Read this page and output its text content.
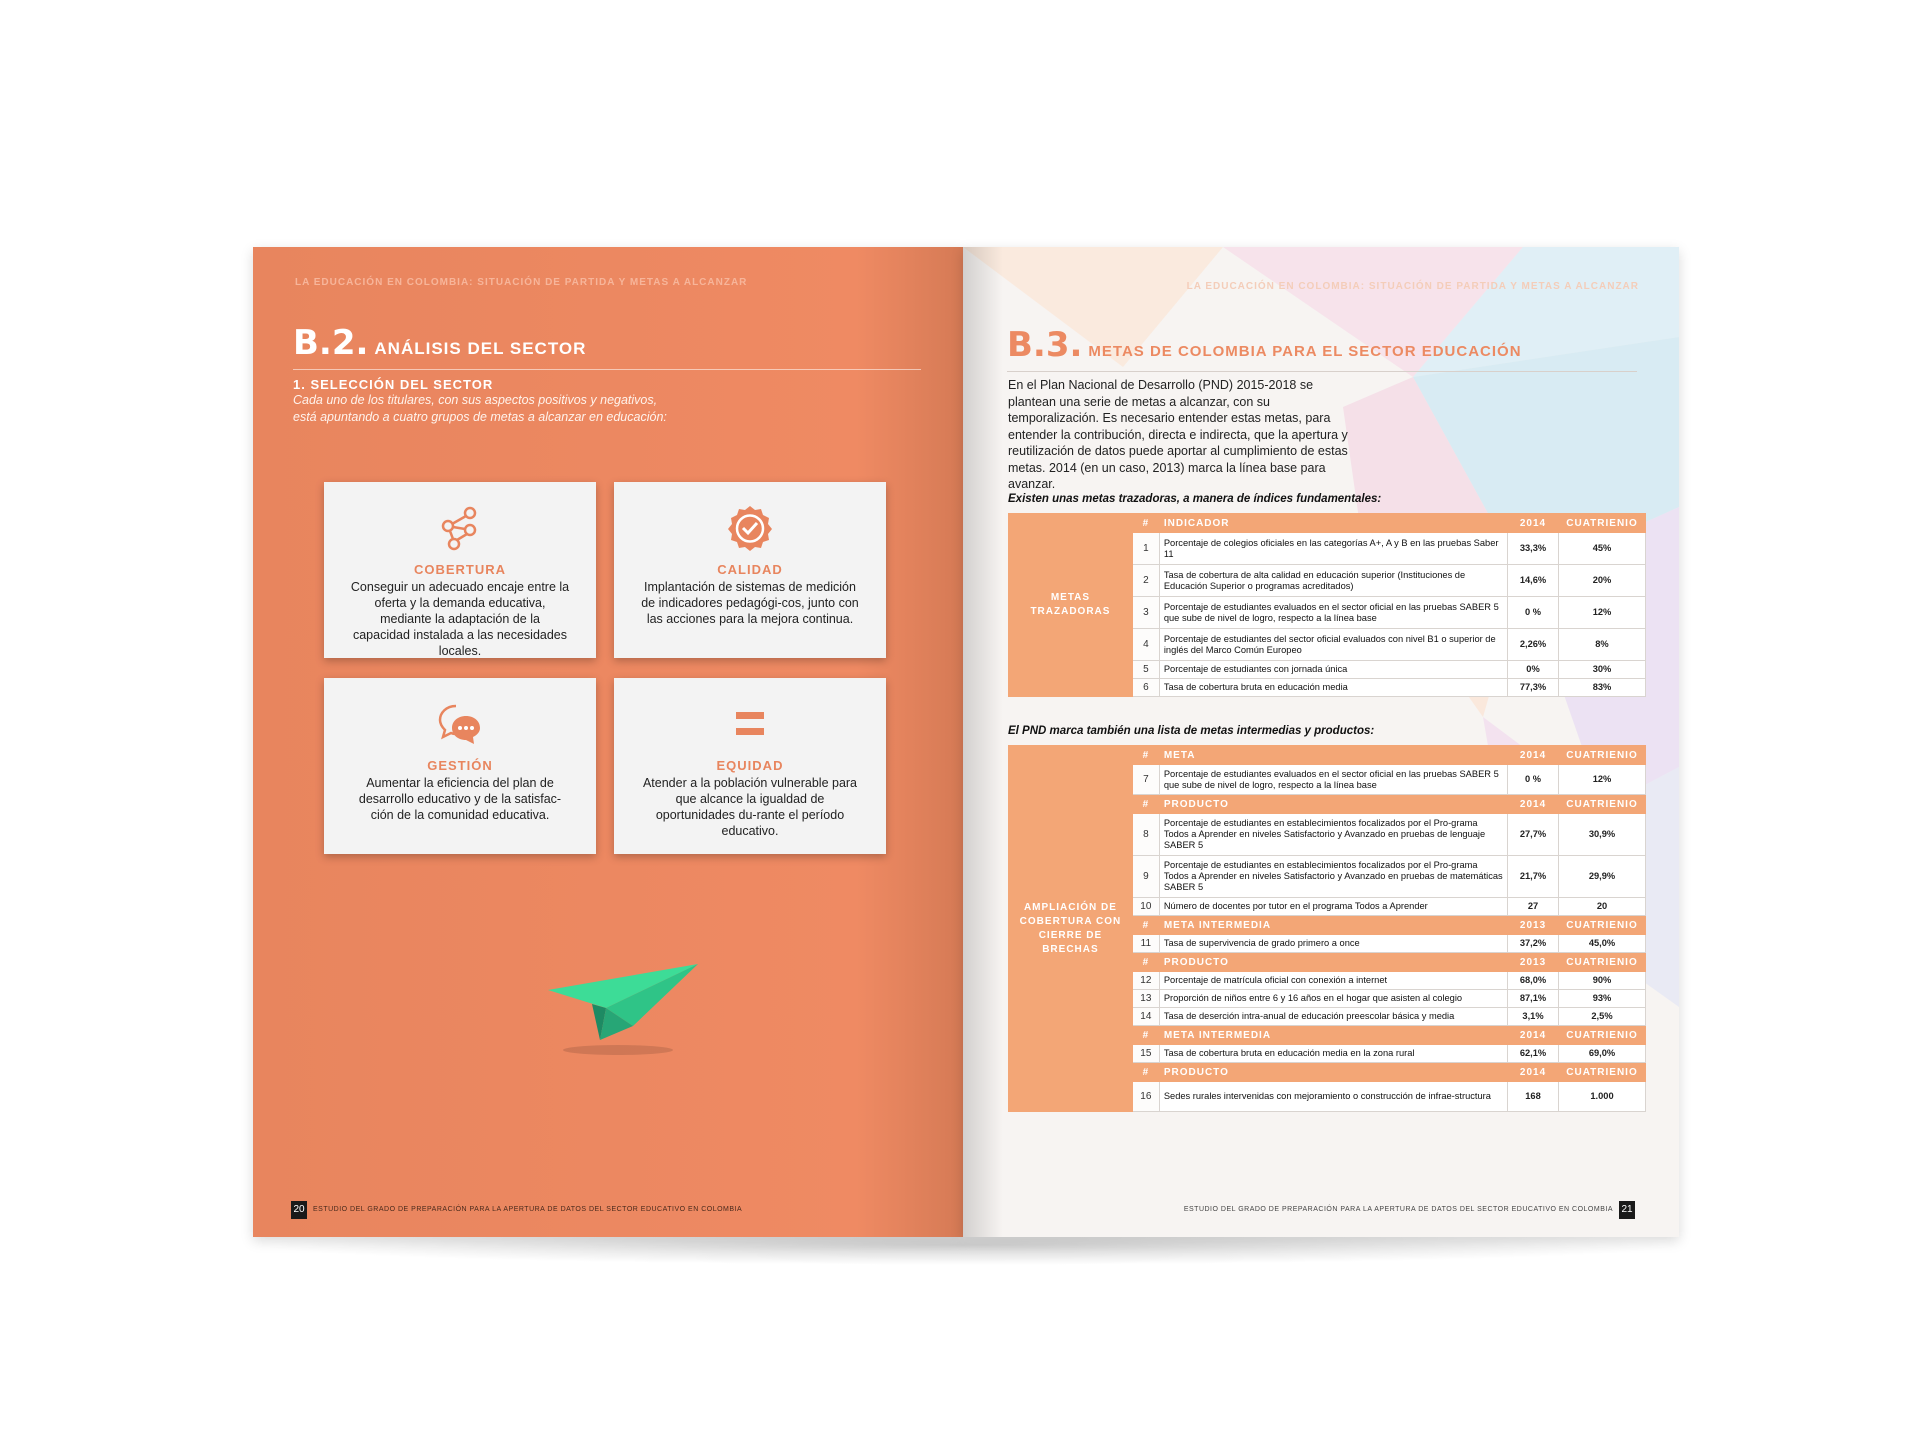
LA EDUCACIÓN EN COLOMBIA: SITUACIÓN DE PARTIDA Y METAS A ALCANZAR
B.2. ANÁLISIS DEL SECTOR
1. SELECCIÓN DEL SECTOR
Cada uno de los titulares, con sus aspectos positivos y negativos,
está apuntando a cuatro grupos de metas a alcanzar en educación:
COBERTURA
Conseguir un adecuado encaje entre la oferta y la demanda educativa, mediante la adaptación de la capacidad instalada a las necesidades locales.
CALIDAD
Implantación de sistemas de medición de indicadores pedagógi-cos, junto con las acciones para la mejora continua.
GESTIÓN
Aumentar la eficiencia del plan de desarrollo educativo y de la satisfac-ción de la comunidad educativa.
EQUIDAD
Atender a la población vulnerable para que alcance la igualdad de oportunidades du-rante el período educativo.
20	ESTUDIO DEL GRADO DE PREPARACIÓN PARA LA APERTURA DE DATOS DEL SECTOR EDUCATIVO EN COLOMBIA
LA EDUCACIÓN EN COLOMBIA: SITUACIÓN DE PARTIDA Y METAS A ALCANZAR
B.3. METAS DE COLOMBIA PARA EL SECTOR EDUCACIÓN
En el Plan Nacional de Desarrollo (PND) 2015-2018 se plantean una serie de metas a alcanzar, con su temporalización. Es necesario entender estas metas, para entender la contribución, directa e indirecta, que la apertura y reutilización de datos puede aportar al cumplimiento de estas metas. 2014 (en un caso, 2013) marca la línea base para avanzar.
Existen unas metas trazadoras, a manera de índices fundamentales:
METAS TRAZADORAS	#	INDICADOR	2014	CUATRIENIO
	1	Porcentaje de colegios oficiales en las categorías A+, A y B en las pruebas Saber 11	33,3%	45%
	2	Tasa de cobertura de alta calidad en educación superior (Instituciones de Educación Superior o programas acreditados)	14,6%	20%
	3	Porcentaje de estudiantes evaluados en el sector oficial en las pruebas SABER 5 que sube de nivel de logro, respecto a la línea base	0 %	12%
	4	Porcentaje de estudiantes del sector oficial evaluados con nivel B1 o superior de inglés del Marco Común Europeo	2,26%	8%
	5	Porcentaje de estudiantes con jornada única	0%	30%
	6	Tasa de cobertura bruta en educación media	77,3%	83%
El PND marca también una lista de metas intermedias y productos:
AMPLIACIÓN DE COBERTURA CON CIERRE DE BRECHAS	#	META	2014	CUATRIENIO
	7	Porcentaje de estudiantes evaluados en el sector oficial en las pruebas SABER 5 que sube de nivel de logro, respecto a la línea base	0 %	12%
	#	PRODUCTO	2014	CUATRIENIO
	8	Porcentaje de estudiantes en establecimientos focalizados por el Pro-grama Todos a Aprender en niveles Satisfactorio y Avanzado en pruebas de lenguaje SABER 5	27,7%	30,9%
	9	Porcentaje de estudiantes en establecimientos focalizados por el Pro-grama Todos a Aprender en niveles Satisfactorio y Avanzado en pruebas de matemáticas SABER 5	21,7%	29,9%
	10	Número de docentes por tutor en el programa Todos a Aprender	27	20
	#	META INTERMEDIA	2013	CUATRIENIO
	11	Tasa de supervivencia de grado primero a once	37,2%	45,0%
	#	PRODUCTO	2013	CUATRIENIO
	12	Porcentaje de matrícula oficial con conexión a internet	68,0%	90%
	13	Proporción de niños entre 6 y 16 años en el hogar que asisten al colegio	87,1%	93%
	14	Tasa de deserción intra-anual de educación preescolar básica y media	3,1%	2,5%
	#	META INTERMEDIA	2014	CUATRIENIO
	15	Tasa de cobertura bruta en educación media en la zona rural	62,1%	69,0%
	#	PRODUCTO	2014	CUATRIENIO
	16	Sedes rurales intervenidas con mejoramiento o construcción de infrae-structura	168	1.000
ESTUDIO DEL GRADO DE PREPARACIÓN PARA LA APERTURA DE DATOS DEL SECTOR EDUCATIVO EN COLOMBIA 21
